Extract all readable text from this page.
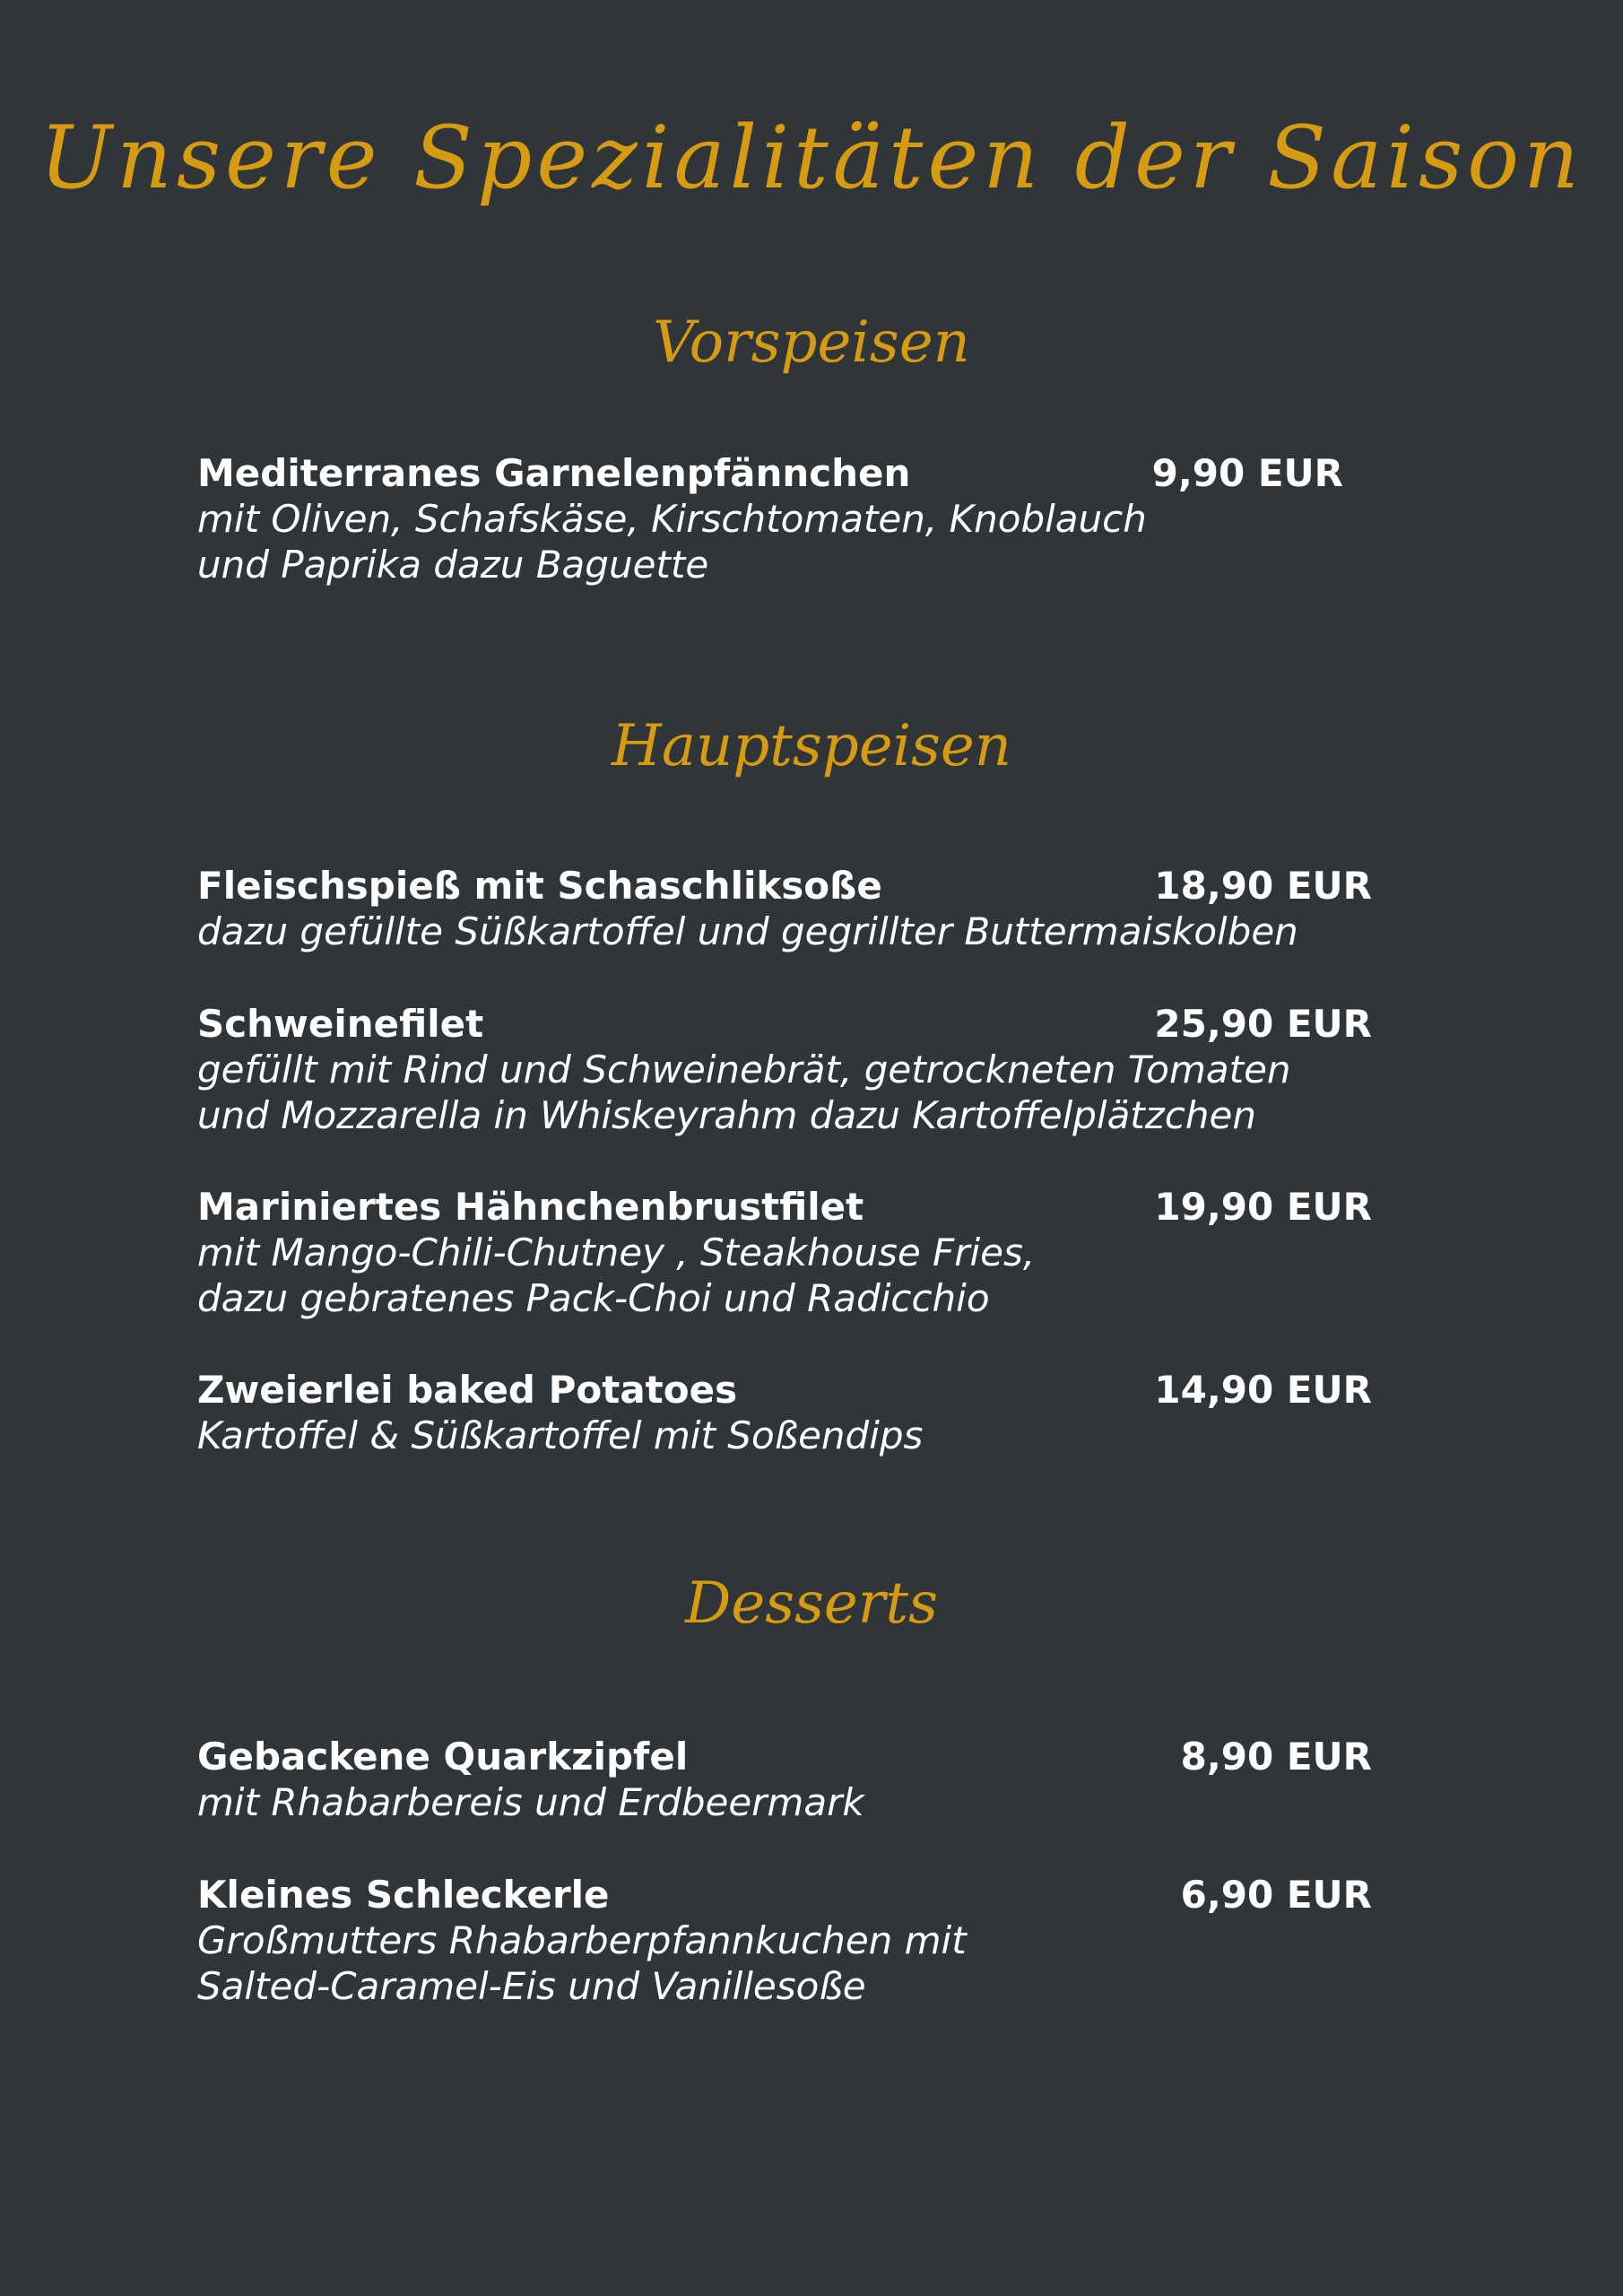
Unsere Spezialitäten der Saison
Vorspeisen
Mediterranes Garnelenpfännchen	9,90 EUR
mit Oliven, Schafskäse, Kirschtomaten, Knoblauch
und Paprika dazu Baguette
Hauptspeisen
Fleischspieß mit Schaschliksoße	18,90 EUR
dazu gefüllte Süßkartoffel und gegrillter Buttermaiskolben
Schweinefilet	25,90 EUR
gefüllt mit Rind und Schweinebrät, getrockneten Tomaten
und Mozzarella in Whiskeyrahm dazu Kartoffelplätzchen
Mariniertes Hähnchenbrustfilet	19,90 EUR
mit Mango-Chili-Chutney , Steakhouse Fries,
dazu gebratenes Pack-Choi und Radicchio
Zweierlei baked Potatoes	14,90 EUR
Kartoffel & Süßkartoffel mit Soßendips
Desserts
Gebackene Quarkzipfel	8,90 EUR
mit Rhabarbereis und Erdbeermark
Kleines Schleckerle	6,90 EUR
Großmutters Rhabarberpfannkuchen mit
Salted-Caramel-Eis und Vanillesoße
